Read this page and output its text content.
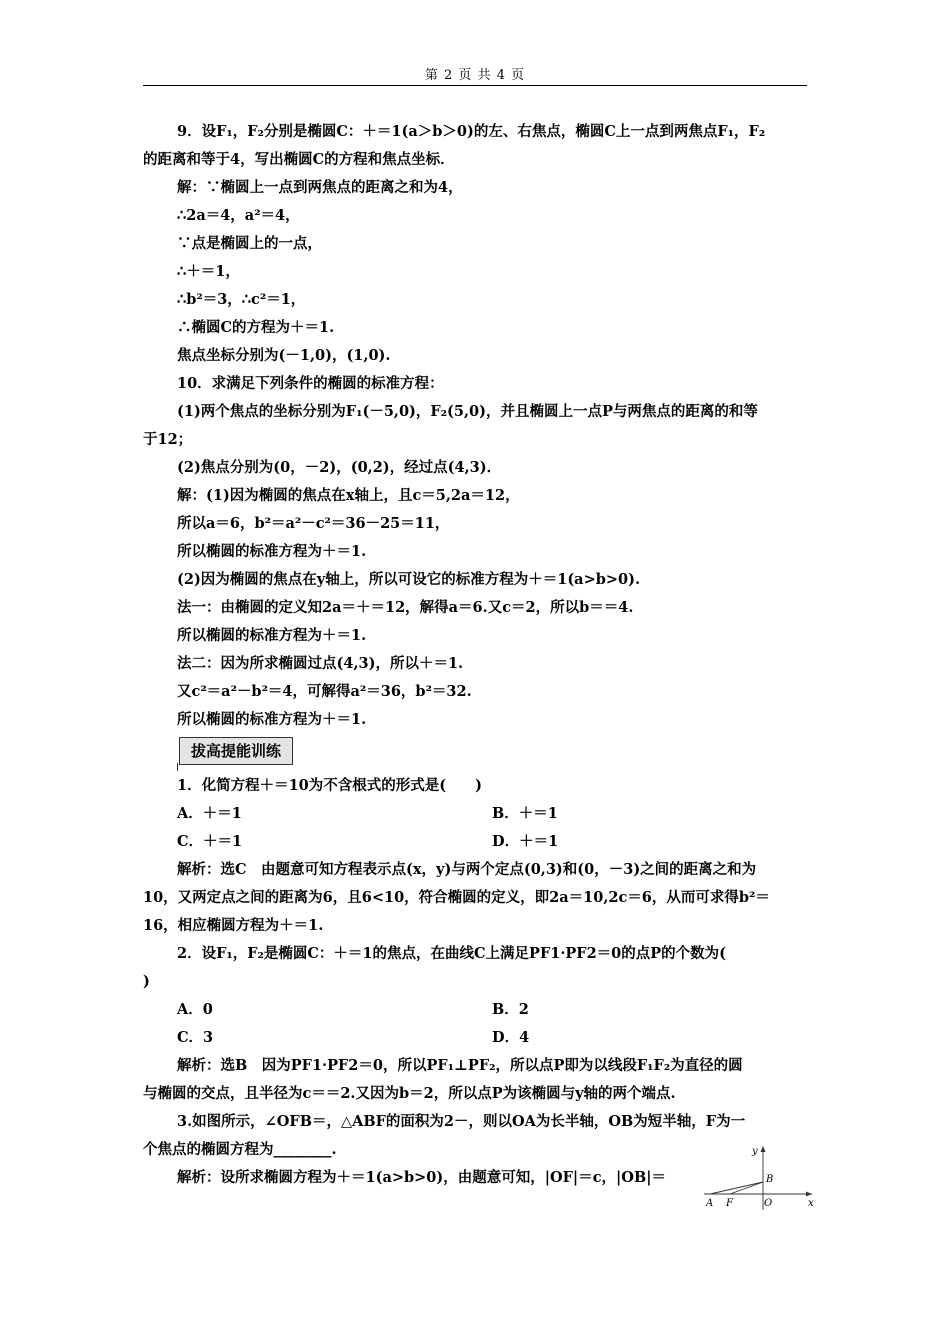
第 2 页 共 4 页
9．设F₁，F₂分别是椭圆C：＋＝1(a＞b＞0)的左、右焦点，椭圆C上一点到两焦点F₁，F₂
的距离和等于4，写出椭圆C的方程和焦点坐标．
解：∵椭圆上一点到两焦点的距离之和为4，
∴2a＝4，a²＝4，
∵点是椭圆上的一点，
∴＋＝1，
∴b²＝3，∴c²＝1，
∴椭圆C的方程为＋＝1.
焦点坐标分别为(－1,0)，(1,0).
10．求满足下列条件的椭圆的标准方程：
(1)两个焦点的坐标分别为F₁(－5,0)，F₂(5,0)，并且椭圆上一点P与两焦点的距离的和等
于12；
(2)焦点分别为(0，－2)，(0,2)，经过点(4,3)．
解：(1)因为椭圆的焦点在x轴上，且c＝5,2a＝12，
所以a＝6，b²＝a²－c²＝36－25＝11，
所以椭圆的标准方程为＋＝1.
(2)因为椭圆的焦点在y轴上，所以可设它的标准方程为＋＝1(a>b>0).
法一：由椭圆的定义知2a＝＋＝12，解得a＝6.又c＝2，所以b＝＝4.
所以椭圆的标准方程为＋＝1.
法二：因为所求椭圆过点(4,3)，所以＋＝1.
又c²＝a²－b²＝4，可解得a²＝36，b²＝32.
所以椭圆的标准方程为＋＝1.
拔高提能训练
1．化简方程＋＝10为不含根式的形式是(　　)
A．＋＝1	B．＋＝1
C．＋＝1	D．＋＝1
解析：选C　由题意可知方程表示点(x，y)与两个定点(0,3)和(0，－3)之间的距离之和为
10，又两定点之间的距离为6，且6<10，符合椭圆的定义，即2a＝10,2c＝6，从而可求得b²＝
16，相应椭圆方程为＋＝1.
2．设F₁，F₂是椭圆C：＋＝1的焦点，在曲线C上满足PF1·PF2＝0的点P的个数为(
)
A．0	B．2
C．3	D．4
解析：选B　因为PF1·PF2＝0，所以PF₁⊥PF₂，所以点P即为以线段F₁F₂为直径的圆
与椭圆的交点，且半径为c＝＝2.又因为b＝2，所以点P为该椭圆与y轴的两个端点.
3.如图所示，∠OFB＝，△ABF的面积为2－，则以OA为长半轴，OB为短半轴，F为一
个焦点的椭圆方程为________.
解析：设所求椭圆方程为＋＝1(a>b>0)，由题意可知，|OF|＝c，|OB|＝
y
x
A F	O
B
